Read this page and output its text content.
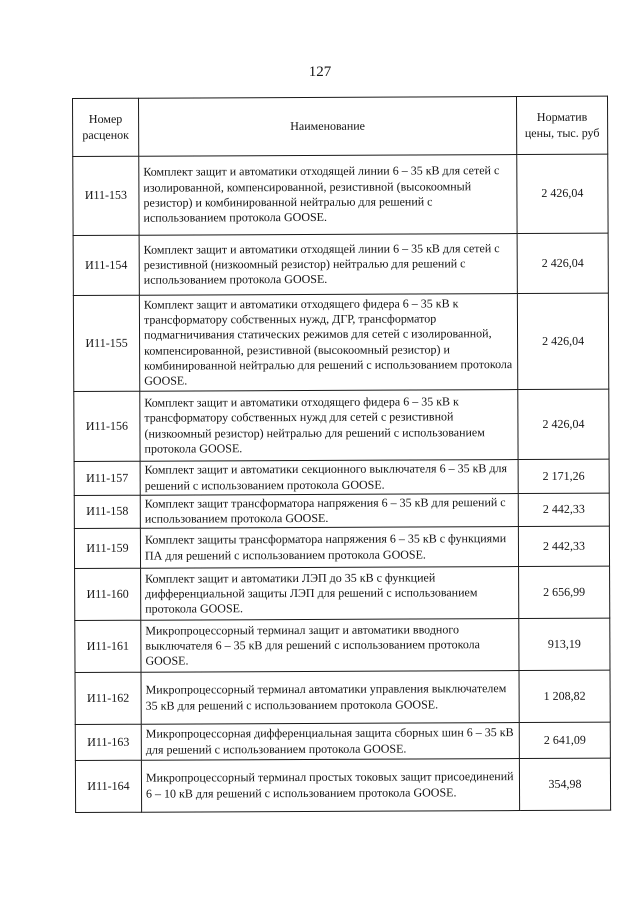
127
Номер расценок	Наименование	Норматив цены, тыс. руб
И11-153	Комплект защит и автоматики отходящей линии 6 – 35 кВ для сетей с изолированной, компенсированной, резистивной (высокоомный резистор) и комбинированной нейтралью для решений с использованием протокола GOOSE.	2 426,04
И11-154	Комплект защит и автоматики отходящей линии 6 – 35 кВ для сетей с резистивной (низкоомный резистор) нейтралью для решений с использованием протокола GOOSE.	2 426,04
И11-155	Комплект защит и автоматики отходящего фидера 6 – 35 кВ к трансформатору собственных нужд, ДГР, трансформатор подмагничивания статических режимов для сетей с изолированной, компенсированной, резистивной (высокоомный резистор) и комбинированной нейтралью для решений с использованием протокола GOOSE.	2 426,04
И11-156	Комплект защит и автоматики отходящего фидера 6 – 35 кВ к трансформатору собственных нужд для сетей с резистивной (низкоомный резистор) нейтралью для решений с использованием протокола GOOSE.	2 426,04
И11-157	Комплект защит и автоматики секционного выключателя 6 – 35 кВ для решений с использованием протокола GOOSE.	2 171,26
И11-158	Комплект защит трансформатора напряжения 6 – 35 кВ для решений с использованием протокола GOOSE.	2 442,33
И11-159	Комплект защиты трансформатора напряжения 6 – 35 кВ с функциями ПА для решений с использованием протокола GOOSE.	2 442,33
И11-160	Комплект защит и автоматики ЛЭП до 35 кВ с функцией дифференциальной защиты ЛЭП для решений с использованием протокола GOOSE.	2 656,99
И11-161	Микропроцессорный терминал защит и автоматики вводного выключателя 6 – 35 кВ для решений с использованием протокола GOOSE.	913,19
И11-162	Микропроцессорный терминал автоматики управления выключателем 35 кВ для решений с использованием протокола GOOSE.	1 208,82
И11-163	Микропроцессорная дифференциальная защита сборных шин 6 – 35 кВ для решений с использованием протокола GOOSE.	2 641,09
И11-164	Микропроцессорный терминал простых токовых защит присоединений 6 – 10 кВ для решений с использованием протокола GOOSE.	354,98
